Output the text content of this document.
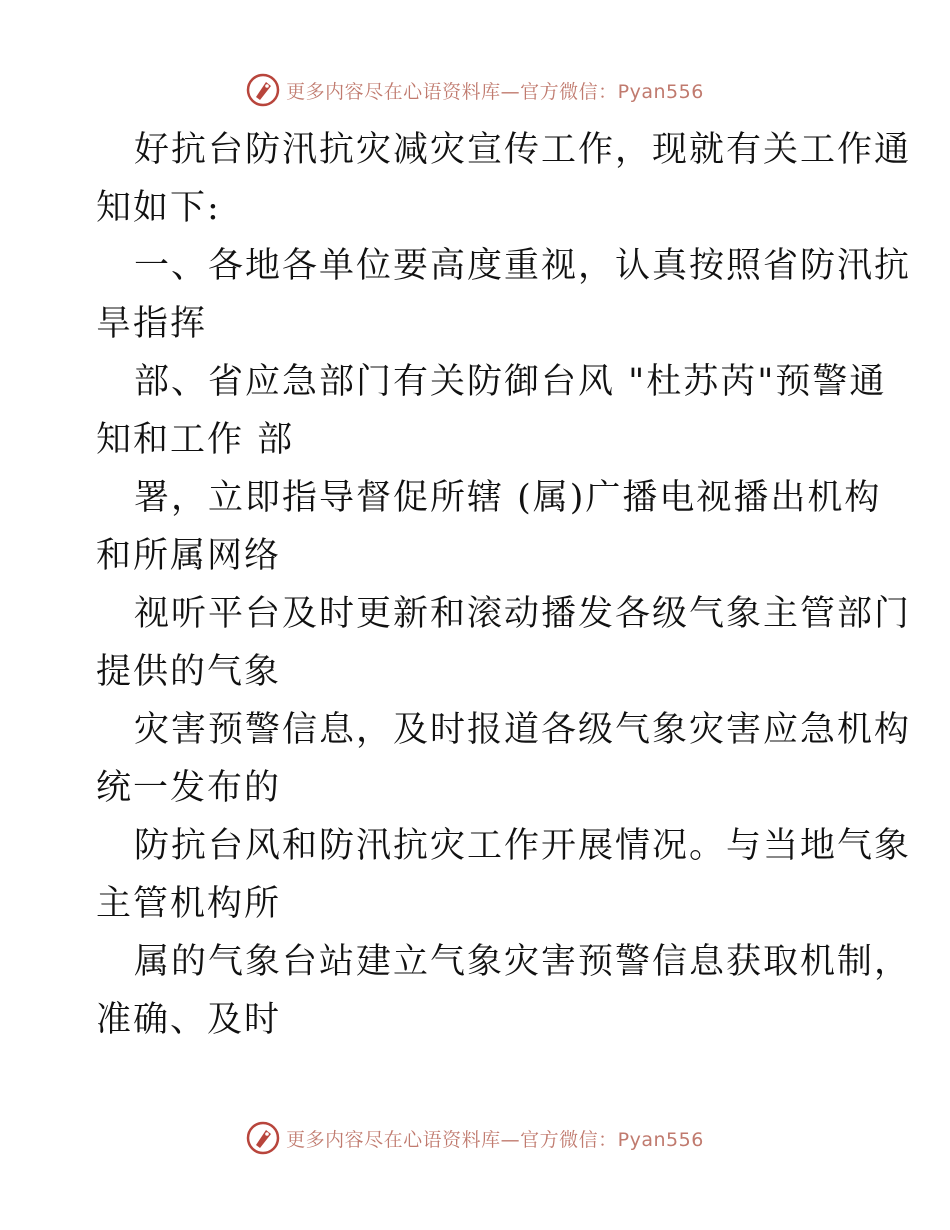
更多内容尽在心语资料库—官方微信：Pyan556
好抗台防汛抗灾减灾宣传工作，现就有关工作通
知如下:
一、各地各单位要高度重视，认真按照省防汛抗
旱指挥
部、省应急部门有关防御台风 "杜苏芮"预警通
知和工作 部
署，立即指导督促所辖 (属)广播电视播出机构
和所属网络
视听平台及时更新和滚动播发各级气象主管部门
提供的气象
灾害预警信息，及时报道各级气象灾害应急机构
统一发布的
防抗台风和防汛抗灾工作开展情况。与当地气象
主管机构所
属的气象台站建立气象灾害预警信息获取机制，
准确、及时
更多内容尽在心语资料库—官方微信：Pyan556
